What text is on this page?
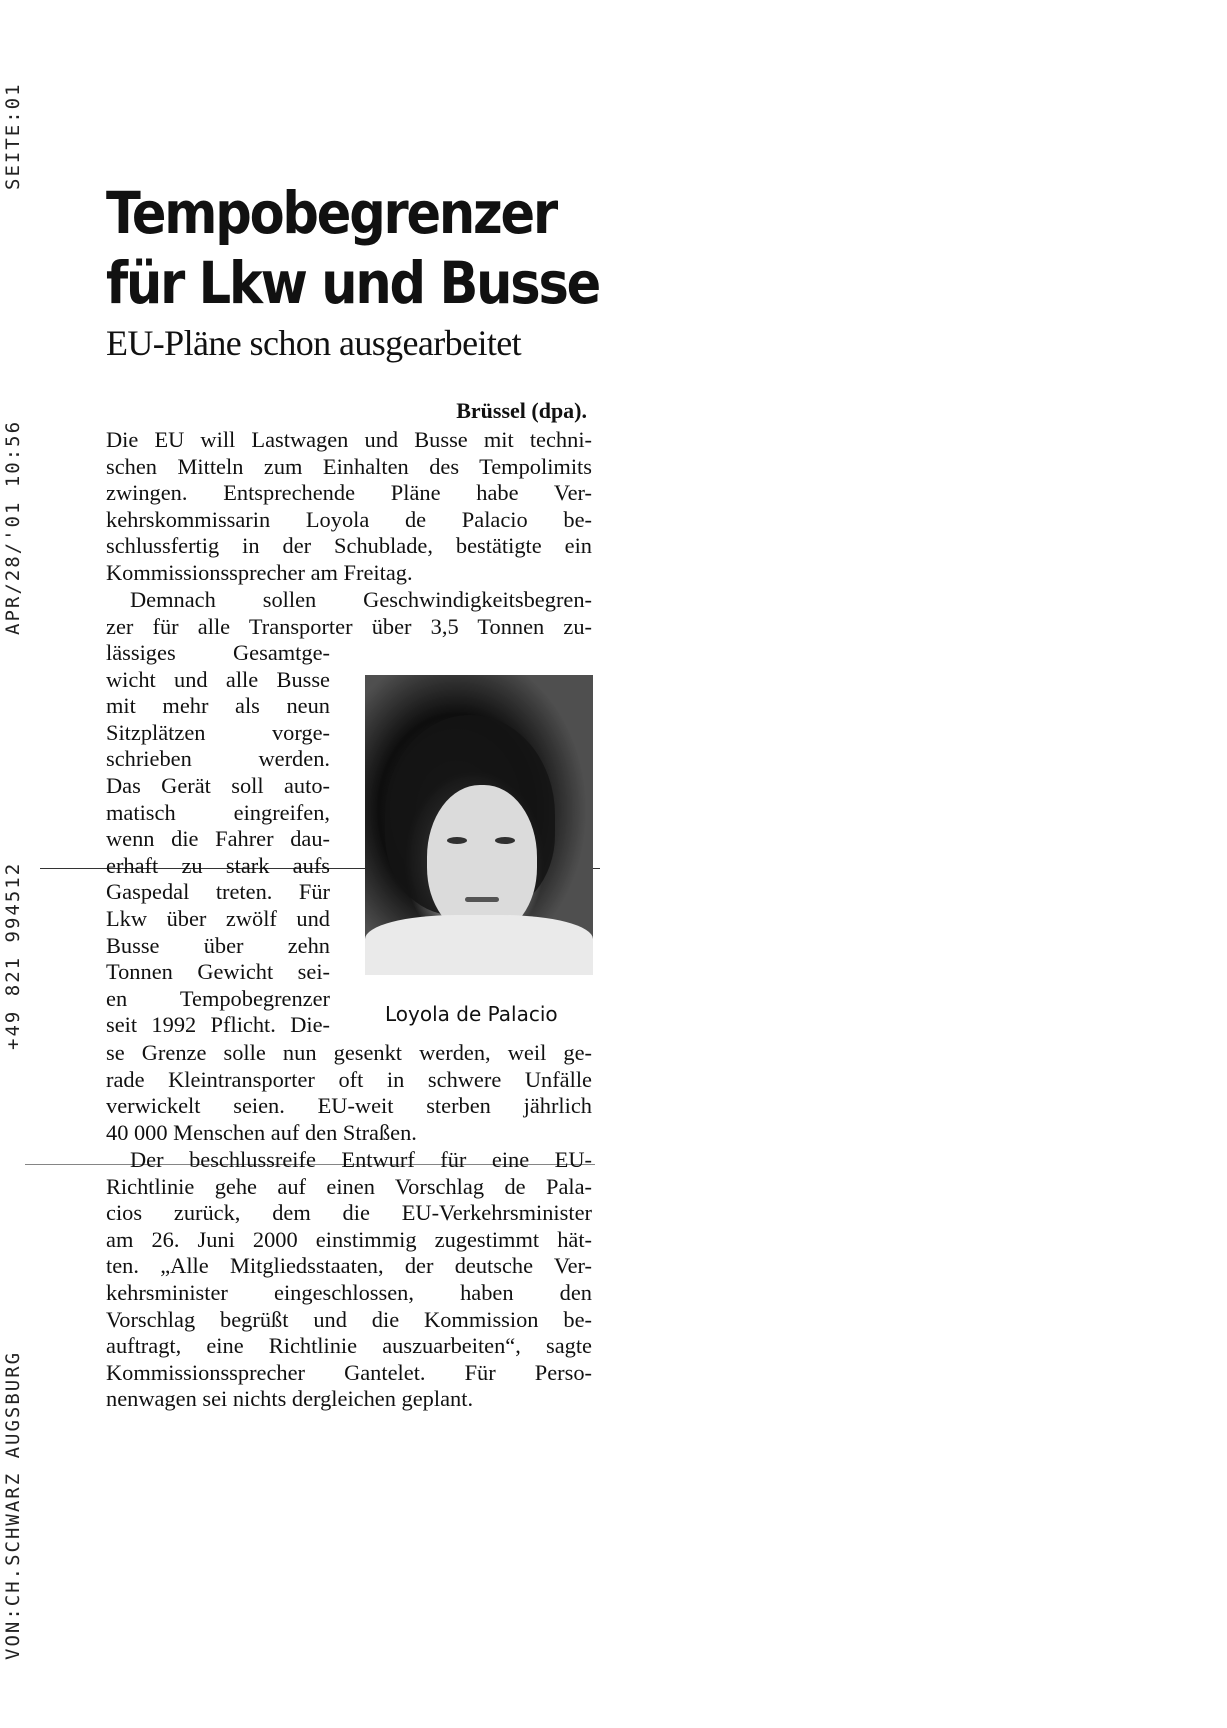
VON:CH.SCHWARZ AUGSBURG
+49 821 994512
APR/28/'01 10:56
SEITE:01
Tempobegrenzer
für Lkw und Busse
EU-Pläne schon ausgearbeitet

Brüssel (dpa).

Die EU will Lastwagen und Busse mit techni-
schen Mitteln zum Einhalten des Tempolimits
zwingen. Entsprechende Pläne habe Ver-
kehrskommissarin Loyola de Palacio be-
schlussfertig in der Schublade, bestätigte ein
Kommissionssprecher am Freitag.

Demnach sollen Geschwindigkeitsbegren-
zer für alle Transporter über 3,5 Tonnen zu-

lässiges Gesamtge-
wicht und alle Busse
mit mehr als neun
Sitzplätzen vorge-
schrieben werden.
Das Gerät soll auto-
matisch eingreifen,
wenn die Fahrer dau-
erhaft zu stark aufs
Gaspedal treten. Für
Lkw über zwölf und
Busse über zehn
Tonnen Gewicht sei-
en Tempobegrenzer
seit 1992 Pflicht. Die-	Loyola de Palacio

se Grenze solle nun gesenkt werden, weil ge-
rade Kleintransporter oft in schwere Unfälle
verwickelt seien. EU-weit sterben jährlich
40 000 Menschen auf den Straßen.

Der beschlussreife Entwurf für eine EU-
Richtlinie gehe auf einen Vorschlag de Pala-
cios zurück, dem die EU-Verkehrsminister
am 26. Juni 2000 einstimmig zugestimmt hät-
ten. „Alle Mitgliedsstaaten, der deutsche Ver-
kehrsminister eingeschlossen, haben den
Vorschlag begrüßt und die Kommission be-
auftragt, eine Richtlinie auszuarbeiten“, sagte
Kommissionssprecher Gantelet. Für Perso-
nenwagen sei nichts dergleichen geplant.
